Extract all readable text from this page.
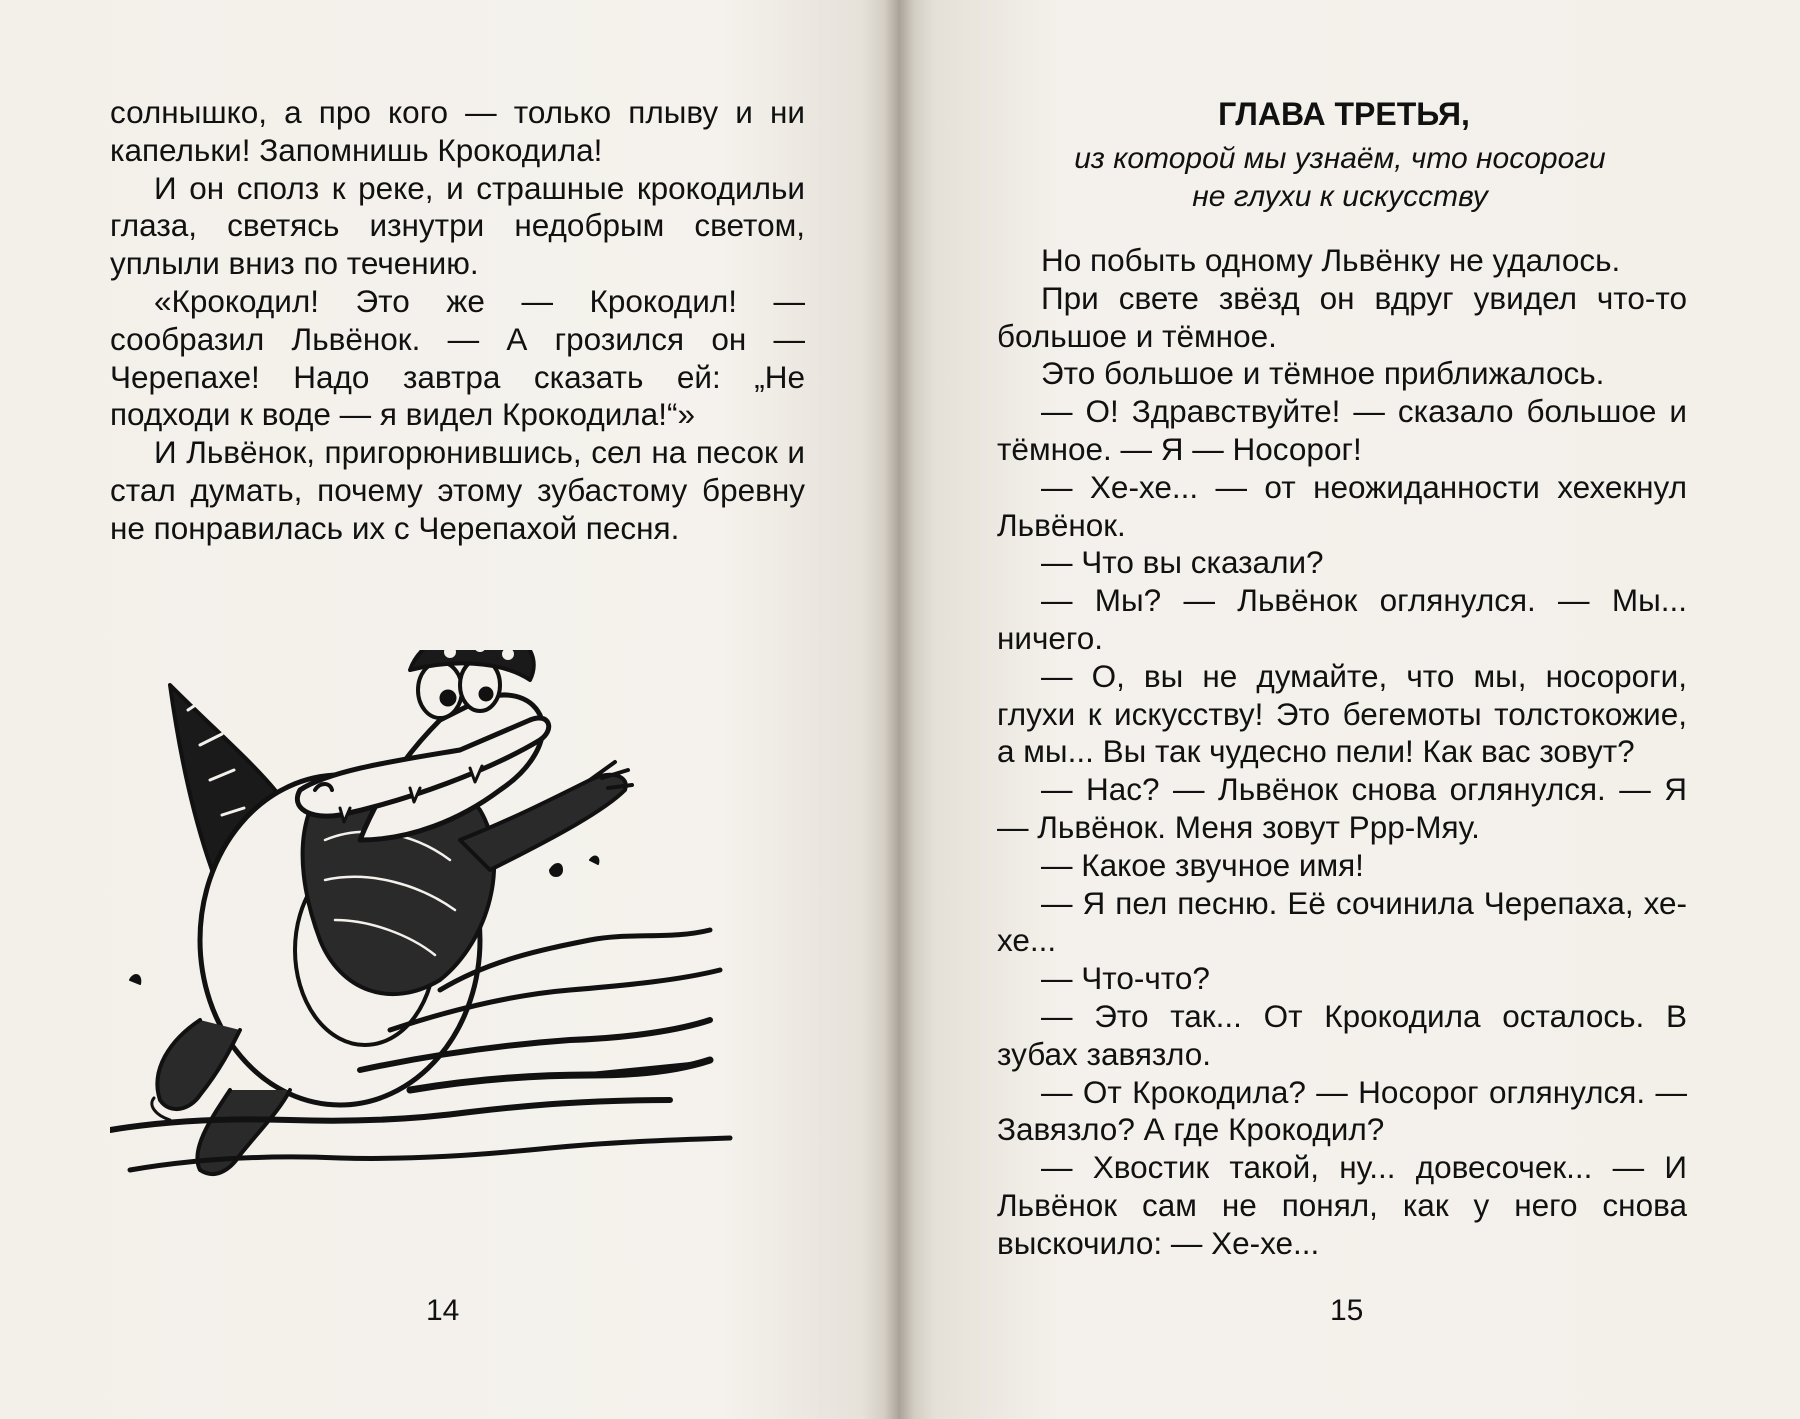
солнышко, а про кого — только плыву и ни капельки! Запомнишь Крокодила!

И он сполз к реке, и страшные крокодильи глаза, светясь изнутри недобрым светом, уплыли вниз по течению.

«Крокодил! Это же — Крокодил! — сообразил Львёнок. — А грозился он — Черепахе! Надо завтра сказать ей: „Не подходи к воде — я видел Крокодила!“»

И Львёнок, пригорюнившись, сел на песок и стал думать, почему этому зубастому бревну не понравилась их с Черепахой песня.

14
ГЛАВА ТРЕТЬЯ,
из которой мы узнаём, что носороги
не глухи к искусству

Но побыть одному Львёнку не удалось.

При свете звёзд он вдруг увидел что-то большое и тёмное.

Это большое и тёмное приближалось.

— О! Здравствуйте! — сказало большое и тёмное. — Я — Носорог!

— Хе-хе... — от неожиданности хехекнул Львёнок.

— Что вы сказали?

— Мы? — Львёнок оглянулся. — Мы... ничего.

— О, вы не думайте, что мы, носороги, глухи к искусству! Это бегемоты толстокожие, а мы... Вы так чудесно пели! Как вас зовут?

— Нас? — Львёнок снова оглянулся. — Я — Львёнок. Меня зовут Ррр-Мяу.

— Какое звучное имя!

— Я пел песню. Её сочинила Черепаха, хе-хе...

— Что-что?

— Это так... От Крокодила осталось. В зубах завязло.

— От Крокодила? — Носорог оглянулся. — Завязло? А где Крокодил?

— Хвостик такой, ну... довесочек... — И Львёнок сам не понял, как у него снова выскочило: — Хе-хе...

15
